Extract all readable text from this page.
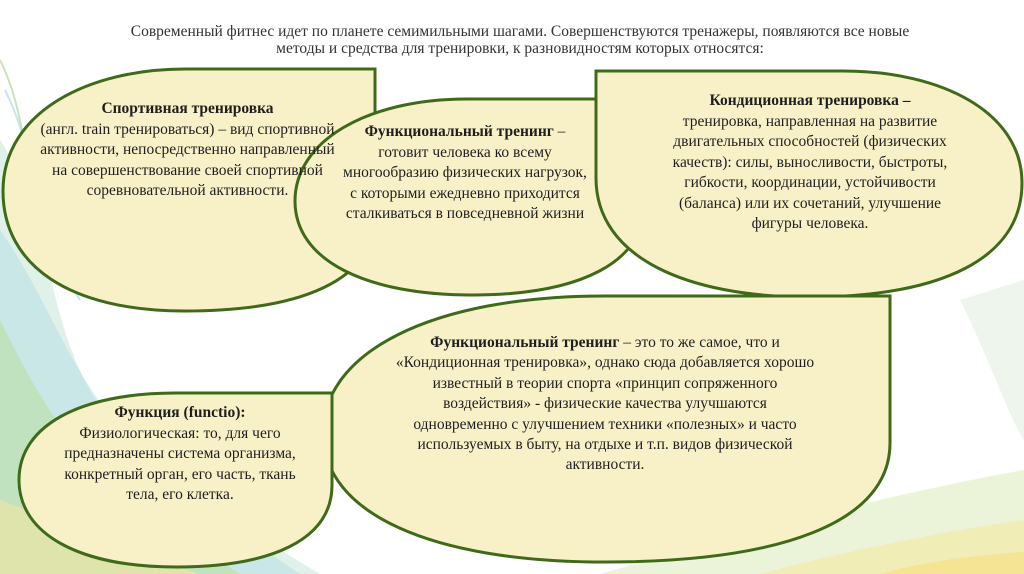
Современный фитнес идет по планете семимильными шагами. Совершенствуются тренажеры, появляются все новые методы и средства для тренировки, к разновидностям которых относятся:
Спортивная тренировка
(англ. train тренироваться) – вид спортивной активности, непосредственно направленный на совершенствование своей спортивной соревновательной активности.
Функциональный тренинг – готовит человека ко всему многообразию физических нагрузок, с которыми ежедневно приходится сталкиваться в повседневной жизни
Кондиционная тренировка –
тренировка, направленная на развитие двигательных способностей (физических качеств): силы, выносливости, быстроты, гибкости, координации, устойчивости (баланса) или их сочетаний, улучшение фигуры человека.
Функциональный тренинг – это то же самое, что и «Кондиционная тренировка», однако сюда добавляется хорошо известный в теории спорта «принцип сопряженного воздействия» - физические качества улучшаются одновременно с улучшением техники «полезных» и часто используемых в быту, на отдыхе и т.п. видов физической активности.
Функция (functio):
Физиологическая: то, для чего предназначены система организма, конкретный орган, его часть, ткань тела, его клетка.
